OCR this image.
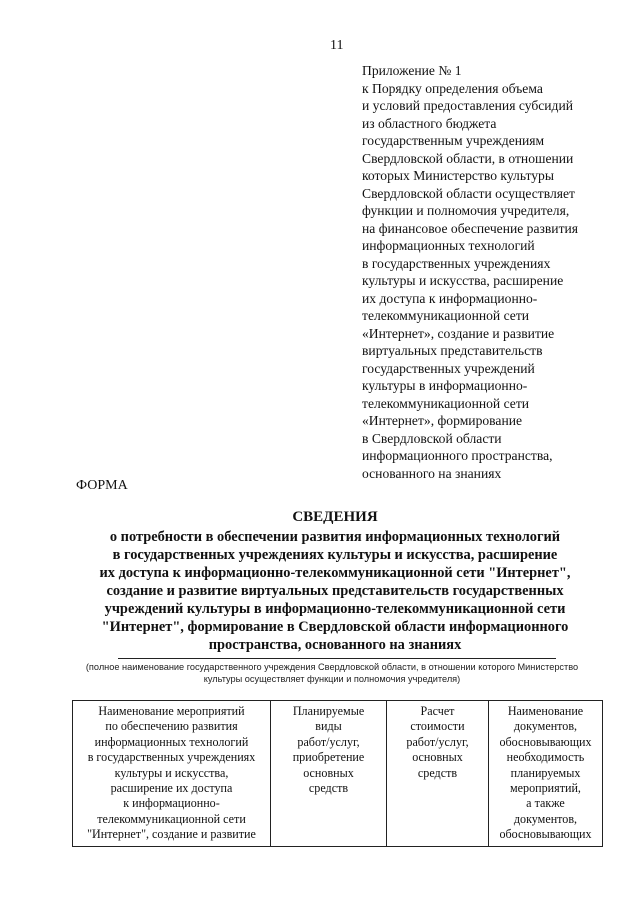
11
Приложение № 1
к Порядку определения объема
и условий предоставления субсидий
из областного бюджета
государственным учреждениям
Свердловской области, в отношении
которых Министерство культуры
Свердловской области осуществляет
функции и полномочия учредителя,
на финансовое обеспечение развития
информационных технологий
в государственных учреждениях
культуры и искусства, расширение
их доступа к информационно-
телекоммуникационной сети
«Интернет», создание и развитие
виртуальных представительств
государственных учреждений
культуры в информационно-
телекоммуникационной сети
«Интернет», формирование
в Свердловской области
информационного пространства,
основанного на знаниях
ФОРМА
СВЕДЕНИЯ
о потребности в обеспечении развития информационных технологий
в государственных учреждениях культуры и искусства, расширение
их доступа к информационно-телекоммуникационной сети "Интернет",
создание и развитие виртуальных представительств государственных
учреждений культуры в информационно-телекоммуникационной сети
"Интернет", формирование в Свердловской области информационного
пространства, основанного на знаниях
(полное наименование государственного учреждения Свердловской области, в отношении которого Министерство
культуры осуществляет функции и полномочия учредителя)
Наименование мероприятий
по обеспечению развития
информационных технологий
в государственных учреждениях
культуры и искусства,
расширение их доступа
к информационно-
телекоммуникационной сети
"Интернет", создание и развитие

Планируемые
виды
работ/услуг,
приобретение
основных
средств

Расчет
стоимости
работ/услуг,
основных
средств

Наименование
документов,
обосновывающих
необходимость
планируемых
мероприятий,
а также
документов,
обосновывающих
